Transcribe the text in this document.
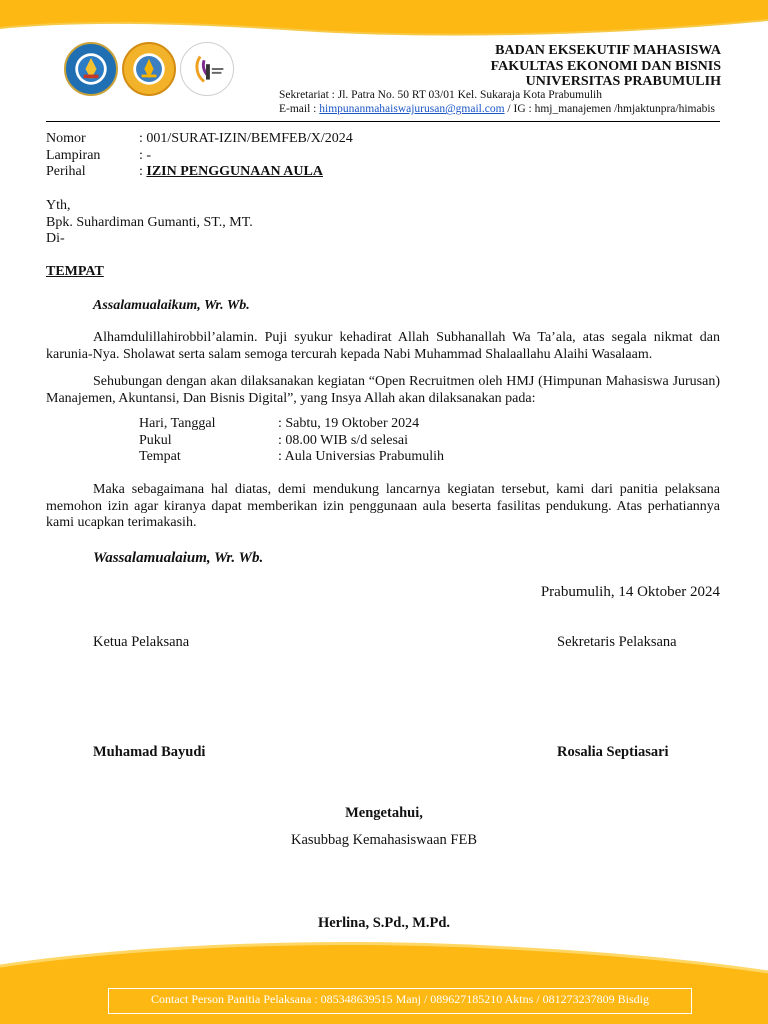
BADAN EKSEKUTIF MAHASISWA
FAKULTAS EKONOMI DAN BISNIS
UNIVERSITAS PRABUMULIH
Sekretariat : Jl. Patra No. 50 RT 03/01 Kel. Sukaraja Kota Prabumulih
E-mail : himpunanmahaiswajurusan@gmail.com / IG : hmj_manajemen /hmjaktunpra/himabis
Nomor	: 001/SURAT-IZIN/BEMFEB/X/2024
Lampiran	: -
Perihal	: IZIN PENGGUNAAN AULA
Yth,
Bpk. Suhardiman Gumanti, ST., MT.
Di-
TEMPAT
Assalamualaikum, Wr. Wb.
Alhamdulillahirobbil’alamin. Puji syukur kehadirat Allah Subhanallah Wa Ta’ala, atas segala nikmat dan karunia-Nya. Sholawat serta salam semoga tercurah kepada Nabi Muhammad Shalaallahu Alaihi Wasalaam.
Sehubungan dengan akan dilaksanakan kegiatan “Open Recruitmen oleh HMJ (Himpunan Mahasiswa Jurusan) Manajemen, Akuntansi, Dan Bisnis Digital”, yang Insya Allah akan dilaksanakan pada:
Hari, Tanggal	: Sabtu, 19 Oktober 2024
Pukul	: 08.00 WIB s/d selesai
Tempat	: Aula Universias Prabumulih
Maka sebagaimana hal diatas, demi mendukung lancarnya kegiatan tersebut, kami dari panitia pelaksana memohon izin agar kiranya dapat memberikan izin penggunaan aula beserta fasilitas pendukung. Atas perhatiannya kami ucapkan terimakasih.
Wassalamualaium, Wr. Wb.
Prabumulih, 14 Oktober 2024
Ketua Pelaksana	Sekretaris Pelaksana
Muhamad Bayudi	Rosalia Septiasari
Mengetahui,
Kasubbag Kemahasiswaan FEB
Herlina, S.Pd., M.Pd.
Contact Person Panitia Pelaksana : 085348639515 Manj / 089627185210 Aktns / 081273237809 Bisdig
